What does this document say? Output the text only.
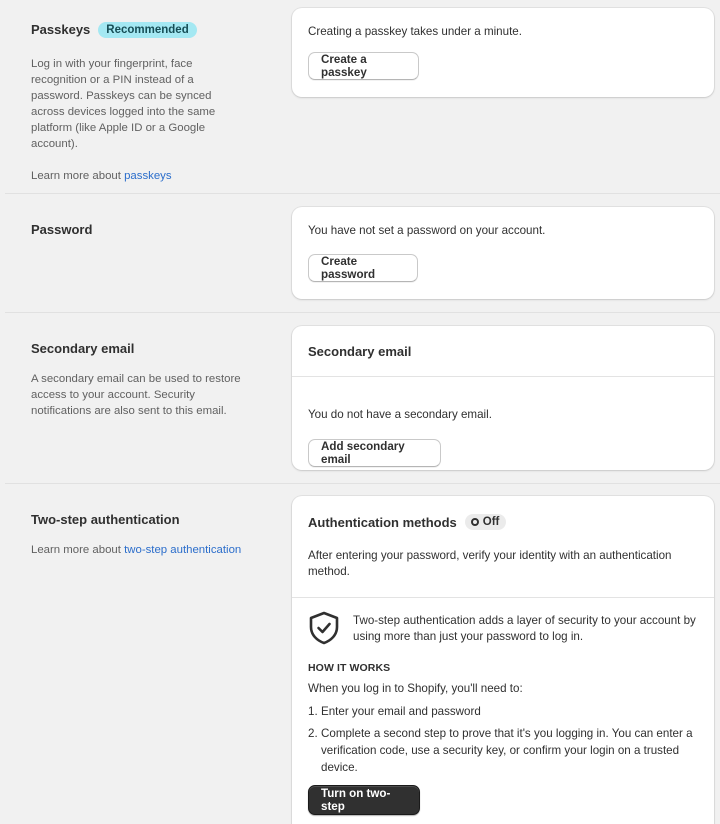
Passkeys Recommended
Log in with your fingerprint, face recognition or a PIN instead of a password. Passkeys can be synced across devices logged into the same platform (like Apple ID or a Google account).
Learn more about passkeys
Creating a passkey takes under a minute.
Create a passkey
Password	You have not set a password on your account.
Create password
Secondary email
A secondary email can be used to restore access to your account. Security notifications are also sent to this email.
Secondary email
You do not have a secondary email.
Add secondary email
Two-step authentication
Learn more about two-step authentication
Authentication methods Off
After entering your password, verify your identity with an authentication method.
Two-step authentication adds a layer of security to your account by using more than just your password to log in.
HOW IT WORKS
When you log in to Shopify, you'll need to:
1. Enter your email and password
2. Complete a second step to prove that it's you logging in. You can enter a verification code, use a security key, or confirm your login on a trusted device.
Turn on two-step
